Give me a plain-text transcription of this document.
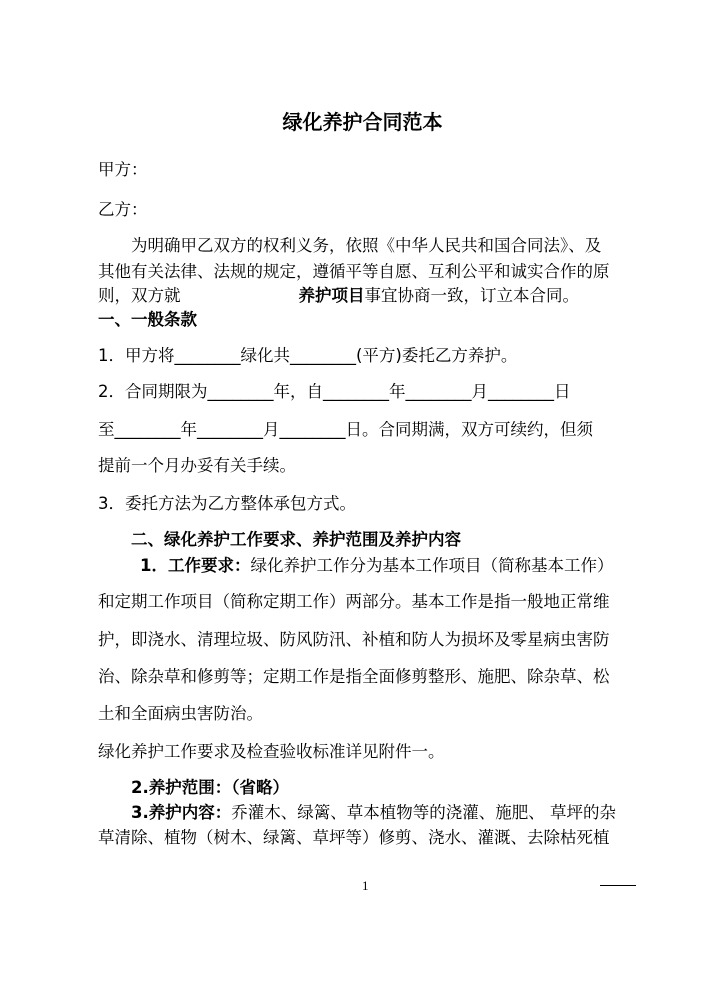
绿化养护合同范本
甲方：
乙方：
为明确甲乙双方的权利义务，依照《中华人民共和国合同法》、及
其他有关法律、法规的规定，遵循平等自愿、互利公平和诚实合作的原
则，双方就	养护项目事宜协商一致，订立本合同。
一、一般条款
1．甲方将________绿化共________(平方)委托乙方养护。
2．合同期限为________年，自________年________月________日
至________年________月________日。合同期满，双方可续约，但须
提前一个月办妥有关手续。
3．委托方法为乙方整体承包方式。
二、绿化养护工作要求、养护范围及养护内容
1．工作要求：绿化养护工作分为基本工作项目（简称基本工作）
和定期工作项目（简称定期工作）两部分。基本工作是指一般地正常维
护，即浇水、清理垃圾、防风防汛、补植和防人为损坏及零星病虫害防
治、除杂草和修剪等；定期工作是指全面修剪整形、施肥、除杂草、松
土和全面病虫害防治。
绿化养护工作要求及检查验收标准详见附件一。
2.养护范围：（省略）
3.养护内容：乔灌木、绿篱、草本植物等的浇灌、施肥、 草坪的杂
草清除、植物（树木、绿篱、草坪等）修剪、浇水、灌溉、去除枯死植
1
